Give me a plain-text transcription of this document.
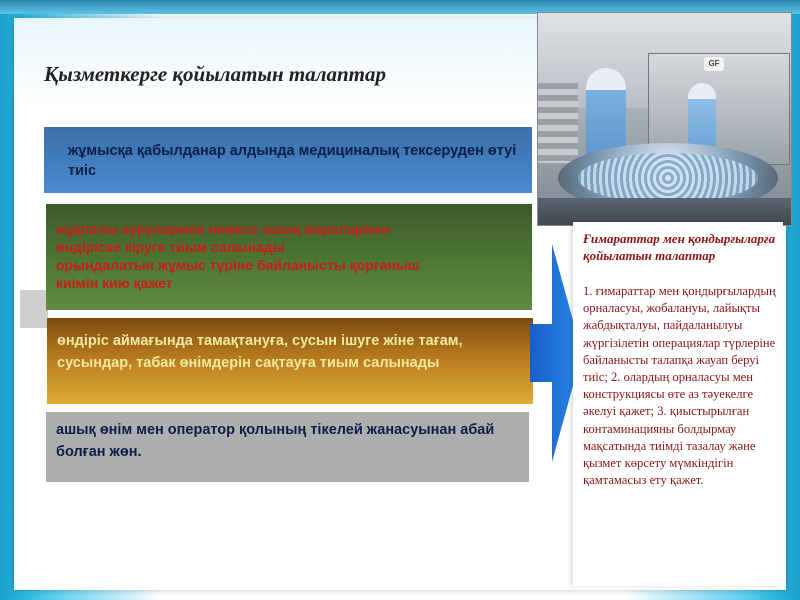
Қызметкерге қойылатын талаптар	GF

жұмысқа қабылданар алдында медициналық тексеруден өтуі тиіс

жұқпалы аурулармен немесе ашық жаралармен

өндіріске кіруге тиым салынады

орындалатын жұмыс түріне байланысты қорғаныш

киімін кию қажет

өндіріс аймағында тамақтануға, сусын ішуге жіне тағам, сусындар, табак өнімдерін сақтауға тиым салынады

ашық өнім мен оператор қолының тікелей жанасуынан абай болған жөн.

Ғимараттар мен қондырғыларға қойылатын талаптар

1. ғимараттар мен қондырғылардың орналасуы, жобалануы, лайықты жабдықталуы, пайдаланылуы жүргізілетін операциялар түрлеріне байланысты талапқа жауап беруі тиіс; 2. олардың орналасуы мен конструкциясы өте аз тәуекелге әкелуі қажет; 3. қиыстырылған контаминацияны болдырмау мақсатында тиімді тазалау және қызмет көрсету мүмкіндігін қамтамасыз ету қажет.
